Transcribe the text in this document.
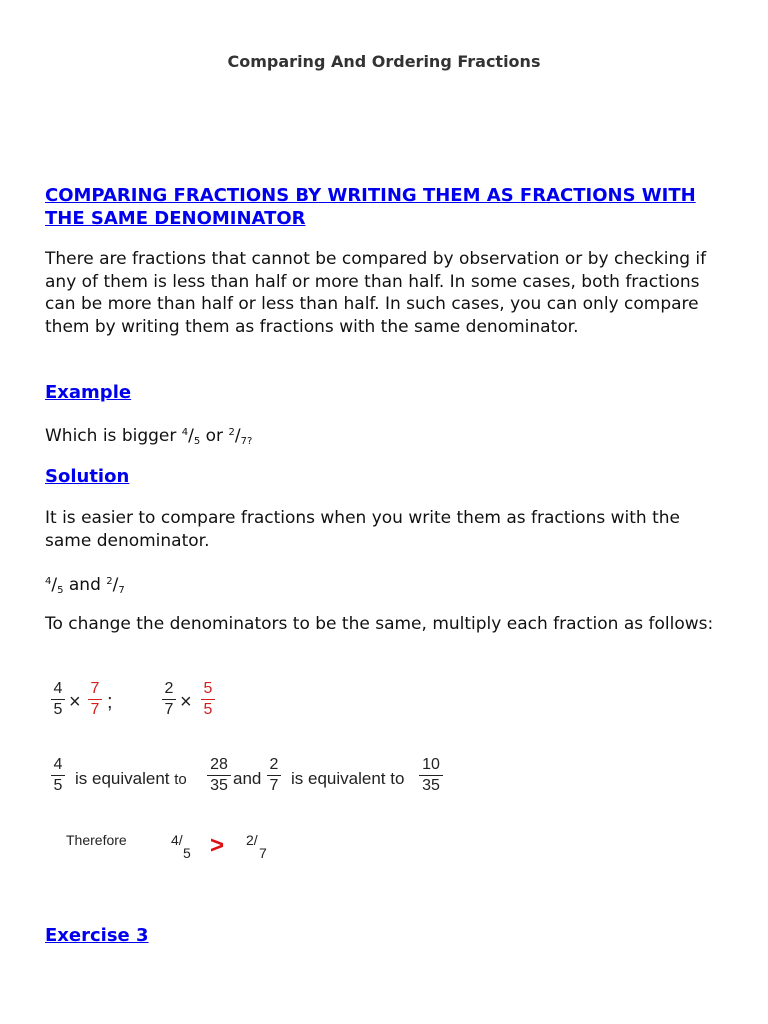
Comparing And Ordering Fractions
COMPARING FRACTIONS BY WRITING THEM AS FRACTIONS WITH THE SAME DENOMINATOR
There are fractions that cannot be compared by observation or by checking if any of them is less than half or more than half. In some cases, both fractions can be more than half or less than half. In such cases, you can only compare them by writing them as fractions with the same denominator.
Example
Which is bigger $^4/_5$ or $^2/_{7?}$
Solution
It is easier to compare fractions when you write them as fractions with the same denominator.
$^4/_5$ and $^2/_7$
To change the denominators to be the same, multiply each fraction as follows:
4
5 ×
7
7 ;
2
7 ×
5
5
4
5 is equivalent to
28
35 and
2
7 is equivalent to
10
35
Therefore	4/
5 > 2/
7
Exercise 3
